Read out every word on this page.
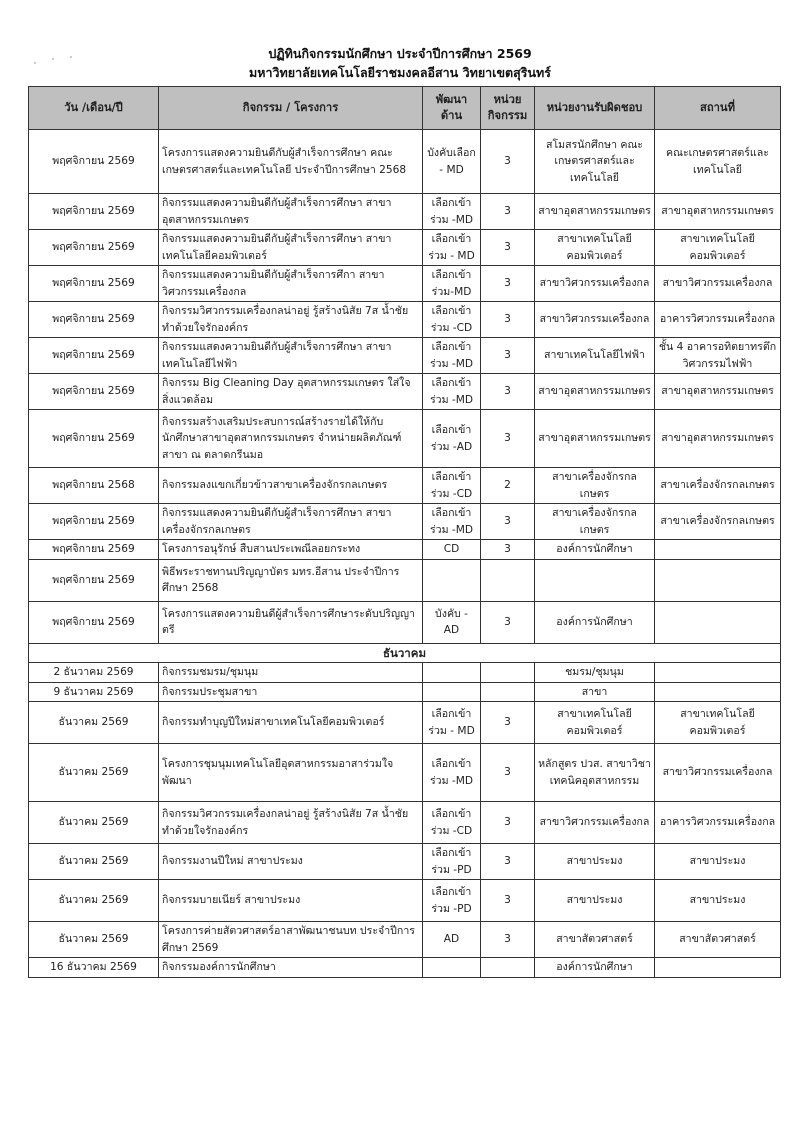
ปฏิทินกิจกรรมนักศึกษา ประจำปีการศึกษา 2569
มหาวิทยาลัยเทคโนโลยีราชมงคลอีสาน วิทยาเขตสุรินทร์
วัน /เดือน/ปี	กิจกรรม / โครงการ	พัฒนาด้าน	หน่วยกิจกรรม	หน่วยงานรับผิดชอบ	สถานที่
พฤศจิกายน 2569	โครงการแสดงความยินดีกับผู้สำเร็จการศึกษา คณะเกษตรศาสตร์และเทคโนโลยี ประจำปีการศึกษา 2568	บังคับเลือก - MD	3	สโมสรนักศึกษา คณะเกษตรศาสตร์และเทคโนโลยี	คณะเกษตรศาสตร์และเทคโนโลยี
พฤศจิกายน 2569	กิจกรรมแสดงความยินดีกับผู้สำเร็จการศึกษา สาขาอุตสาหกรรมเกษตร	เลือกเข้าร่วม -MD	3	สาขาอุตสาหกรรมเกษตร	สาขาอุตสาหกรรมเกษตร
พฤศจิกายน 2569	กิจกรรมแสดงความยินดีกับผู้สำเร็จการศึกษา สาขาเทคโนโลยีคอมพิวเตอร์	เลือกเข้าร่วม - MD	3	สาขาเทคโนโลยีคอมพิวเตอร์	สาขาเทคโนโลยีคอมพิวเตอร์
พฤศจิกายน 2569	กิจกรรมแสดงความยินดีกับผู้สำเร็จการศึกา สาขาวิศวกรรมเครื่องกล	เลือกเข้าร่วม-MD	3	สาขาวิศวกรรมเครื่องกล	สาขาวิศวกรรมเครื่องกล
พฤศจิกายน 2569	กิจกรรมวิศวกรรมเครื่องกลน่าอยู่ รู้สร้างนิสัย 7ส น้ำชัยทำด้วยใจรักองค์กร	เลือกเข้าร่วม -CD	3	สาขาวิศวกรรมเครื่องกล	อาคารวิศวกรรมเครื่องกล
พฤศจิกายน 2569	กิจกรรมแสดงความยินดีกับผู้สำเร็จการศึกษา สาขาเทคโนโลยีไฟฟ้า	เลือกเข้าร่วม -MD	3	สาขาเทคโนโลยีไฟฟ้า	ชั้น 4 อาคารอทิตยาทรตึกวิศวกรรมไฟฟ้า
พฤศจิกายน 2569	กิจกรรม Big Cleaning Day อุตสาหกรรมเกษตร ใส่ใจสิ่งแวดล้อม	เลือกเข้าร่วม -MD	3	สาขาอุตสาหกรรมเกษตร	สาขาอุตสาหกรรมเกษตร
พฤศจิกายน 2569	กิจกรรมสร้างเสริมประสบการณ์สร้างรายได้ให้กับนักศึกษาสาขาอุตสาหกรรมเกษตร จำหน่ายผลิตภัณฑ์สาขา ณ ตลาดกรีนมอ	เลือกเข้าร่วม -AD	3	สาขาอุตสาหกรรมเกษตร	สาขาอุตสาหกรรมเกษตร
พฤศจิกายน 2568	กิจกรรมลงแขกเกี่ยวข้าวสาขาเครื่องจักรกลเกษตร	เลือกเข้าร่วม -CD	2	สาขาเครื่องจักรกลเกษตร	สาขาเครื่องจักรกลเกษตร
พฤศจิกายน 2569	กิจกรรมแสดงความยินดีกับผู้สำเร็จการศึกษา สาขาเครื่องจักรกลเกษตร	เลือกเข้าร่วม -MD	3	สาขาเครื่องจักรกลเกษตร	สาขาเครื่องจักรกลเกษตร
พฤศจิกายน 2569	โครงการอนุรักษ์ สืบสานประเพณีลอยกระทง	CD	3	องค์การนักศึกษา	
พฤศจิกายน 2569	พิธีพระราชทานปริญญาบัตร มทร.อีสาน ประจำปีการศึกษา 2568				
พฤศจิกายน 2569	โครงการแสดงความยินดีผู้สำเร็จการศึกษาระดับปริญญาตรี	บังคับ - AD	3	องค์การนักศึกษา	
ธันวาคม					
2 ธันวาคม 2569	กิจกรรมชมรม/ชุมนุม			ชมรม/ชุมนุม	
9 ธันวาคม 2569	กิจกรรมประชุมสาขา			สาขา	
ธันวาคม 2569	กิจกรรมทำบุญปีใหม่สาขาเทคโนโลยีคอมพิวเตอร์	เลือกเข้าร่วม - MD	3	สาขาเทคโนโลยีคอมพิวเตอร์	สาขาเทคโนโลยีคอมพิวเตอร์
ธันวาคม 2569	โครงการชุมนุมเทคโนโลยีอุตสาหกรรมอาสาร่วมใจพัฒนา	เลือกเข้าร่วม -MD	3	หลักสูตร ปวส. สาขาวิชาเทคนิคอุตสาหกรรม	สาขาวิศวกรรมเครื่องกล
ธันวาคม 2569	กิจกรรมวิศวกรรมเครื่องกลน่าอยู่ รู้สร้างนิสัย 7ส น้ำชัยทำด้วยใจรักองค์กร	เลือกเข้าร่วม -CD	3	สาขาวิศวกรรมเครื่องกล	อาคารวิศวกรรมเครื่องกล
ธันวาคม 2569	กิจกรรมงานปีใหม่ สาขาประมง	เลือกเข้าร่วม -PD	3	สาขาประมง	สาขาประมง
ธันวาคม 2569	กิจกรรมบายเนียร์ สาขาประมง	เลือกเข้าร่วม -PD	3	สาขาประมง	สาขาประมง
ธันวาคม 2569	โครงการค่ายสัตวศาสตร์อาสาพัฒนาชนบท ประจำปีการศึกษา 2569	AD	3	สาขาสัตวศาสตร์	สาขาสัตวศาสตร์
16 ธันวาคม 2569	กิจกรรมองค์การนักศึกษา			องค์การนักศึกษา	
